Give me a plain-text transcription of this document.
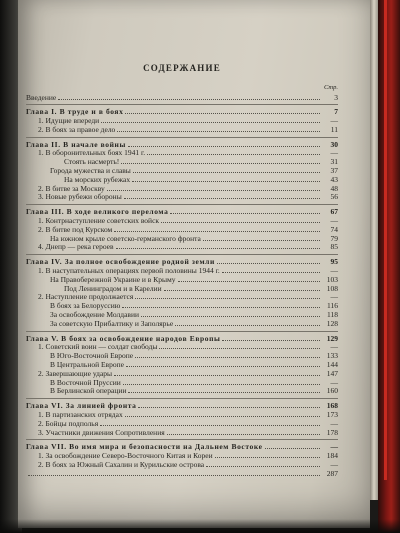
СОДЕРЖАНИЕ
Стр.
Введение	3
Глава I. В труде и в боях	7
1. Идущие впереди	—
2. В боях за правое дело	11
Глава II. В начале войны	30
1. В оборонительных боях 1941 г.	—
Стоять насмерть!	31
Города мужества и славы	37
На морских рубежах	43
2. В битве за Москву	48
3. Новые рубежи обороны	56
Глава III. В ходе великого перелома	67
1. Контрнаступление советских войск	—
2. В битве под Курском	74
На южном крыле советско-германского фронта	79
4. Днепр — река героев	85
Глава IV. За полное освобождение родной земли	95
1. В наступательных операциях первой половины 1944 г.	—
На Правобережной Украине и в Крыму	103
Под Ленинградом и в Карелии	108
2. Наступление продолжается	—
В боях за Белоруссию	116
За освобождение Молдавии	118
За советскую Прибалтику и Заполярье	128
Глава V. В боях за освобождение народов Европы	129
1. Советский воин — солдат свободы	—
В Юго-Восточной Европе	133
В Центральной Европе	144
2. Завершающие удары	147
В Восточной Пруссии	—
В Берлинской операции	160
Глава VI. За линией фронта	168
1. В партизанских отрядах	173
2. Бойцы подполья	—
3. Участники движения Сопротивления	178
Глава VII. Во имя мира и безопасности на Дальнем Востоке	—
1. За освобождение Северо-Восточного Китая и Кореи	184
2. В боях за Южный Сахалин и Курильские острова	—
287
